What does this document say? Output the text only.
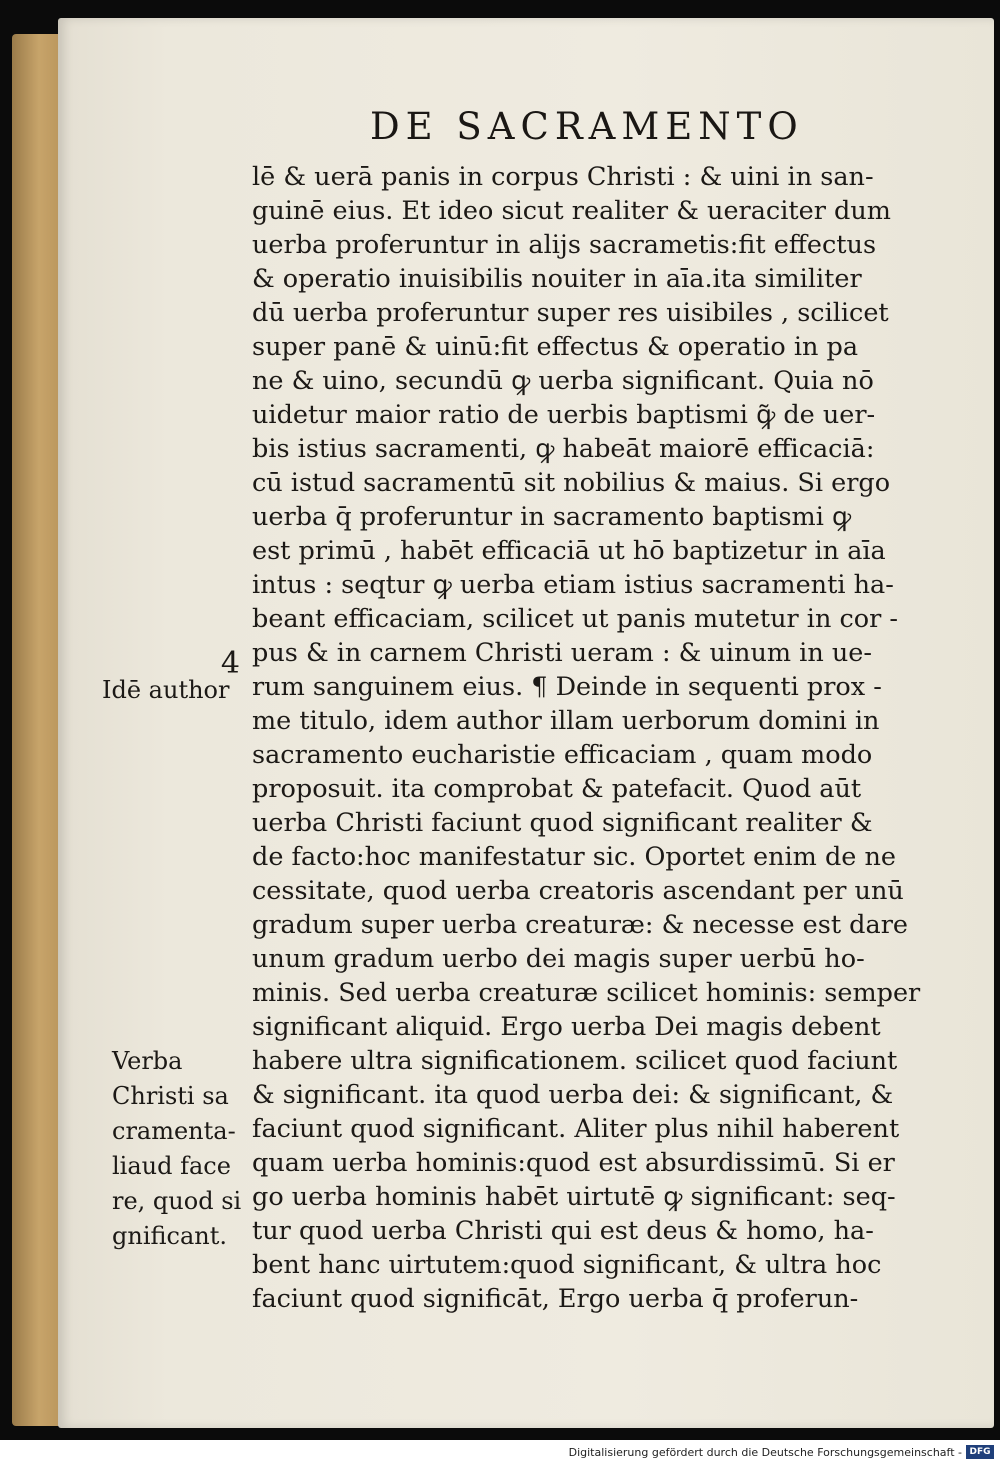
DE SACRAMENTO
4
Idē author
Verba
Christi sa
cramenta-
liaud face
re, quod si
gnificant.
lē & uerā panis in corpus Christi : & uini in san-
guinē eius. Et ideo sicut realiter & ueraciter dum
uerba proferuntur in alijs sacrametis:fit effectus
& operatio inuisibilis nouiter in aīa.ita similiter
dū uerba proferuntur super res uisibiles , scilicet
super panē & uinū:fit effectus & operatio in pa
ne & uino, secundū ꝙ uerba significant. Quia nō
uidetur maior ratio de uerbis baptismi ꝙ̃ de uer-
bis istius sacramenti, ꝙ habeāt maiorē efficaciā:
cū istud sacramentū sit nobilius & maius. Si ergo
uerba q̄ proferuntur in sacramento baptismi ꝙ
est primū , habēt efficaciā ut hō baptizetur in aīa
intus : seqtur ꝙ uerba etiam istius sacramenti ha-
beant efficaciam, scilicet ut panis mutetur in cor -
pus & in carnem Christi ueram : & uinum in ue-
rum sanguinem eius. ¶ Deinde in sequenti prox -
me titulo, idem author illam uerborum domini in
sacramento eucharistie efficaciam , quam modo
proposuit. ita comprobat & patefacit. Quod aūt
uerba Christi faciunt quod significant realiter &
de facto:hoc manifestatur sic. Oportet enim de ne
cessitate, quod uerba creatoris ascendant per unū
gradum super uerba creaturæ: & necesse est dare
unum gradum uerbo dei magis super uerbū ho-
minis. Sed uerba creaturæ scilicet hominis: semper
significant aliquid. Ergo uerba Dei magis debent
habere ultra significationem. scilicet quod faciunt
& significant. ita quod uerba dei: & significant, &
faciunt quod significant. Aliter plus nihil haberent
quam uerba hominis:quod est absurdissimū. Si er
go uerba hominis habēt uirtutē ꝙ significant: seq-
tur quod uerba Christi qui est deus & homo, ha-
bent hanc uirtutem:quod significant, & ultra hoc
faciunt quod significāt, Ergo uerba q̄ proferun-
Digitalisierung gefördert durch die Deutsche Forschungsgemeinschaft - DFG
